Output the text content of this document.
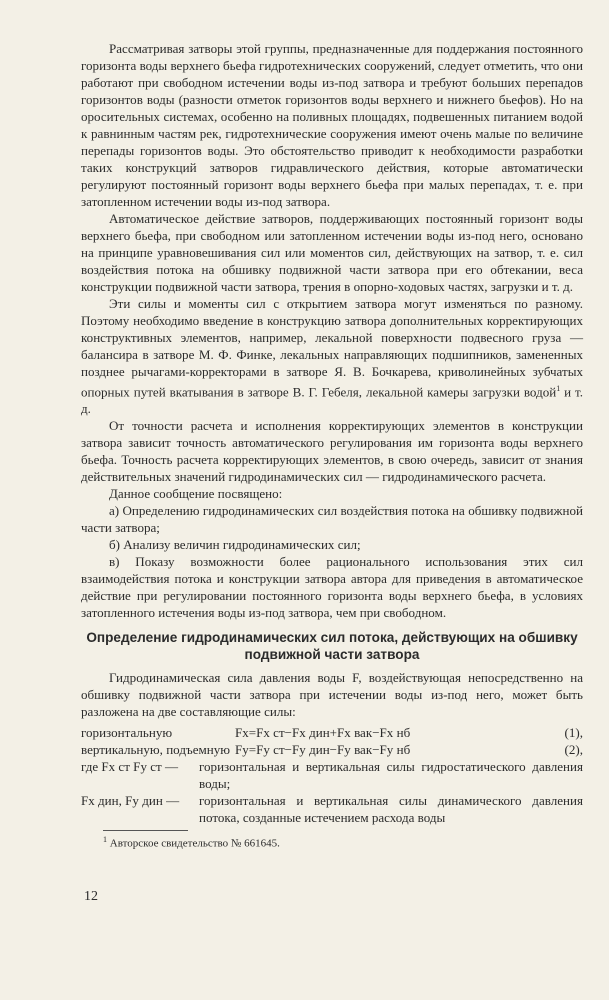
Рассматривая затворы этой группы, предназначенные для поддержания постоянного горизонта воды верхнего бьефа гидротехнических сооружений, следует отметить, что они работают при свободном истечении воды из-под затвора и требуют больших перепадов горизонтов воды (разности отметок горизонтов воды верхнего и нижнего бьефов). Но на оросительных системах, особенно на поливных площадях, подвешенных питанием водой к равнинным частям рек, гидротехнические сооружения имеют очень малые по величине перепады горизонтов воды. Это обстоятельство приводит к необходимости разработки таких конструкций затворов гидравлического действия, которые автоматически регулируют постоянный горизонт воды верхнего бьефа при малых перепадах, т. е. при затопленном истечении воды из-под затвора.

Автоматическое действие затворов, поддерживающих постоянный горизонт воды верхнего бьефа, при свободном или затопленном истечении воды из-под него, основано на принципе уравновешивания сил или моментов сил, действующих на затвор, т. е. сил воздействия потока на обшивку подвижной части затвора при его обтекании, веса конструкции подвижной части затвора, трения в опорно-ходовых частях, загрузки и т. д.

Эти силы и моменты сил с открытием затвора могут изменяться по разному. Поэтому необходимо введение в конструкцию затвора дополнительных корректирующих конструктивных элементов, например, лекальной поверхности подвесного груза — балансира в затворе М. Ф. Финке, лекальных направляющих подшипников, замененных позднее рычагами-корректорами в затворе Я. В. Бочкарева, криволинейных зубчатых опорных путей вкатывания в затворе В. Г. Гебеля, лекальной камеры загрузки водой$^1$ и т. д.

От точности расчета и исполнения корректирующих элементов в конструкции затвора зависит точность автоматического регулирования им горизонта воды верхнего бьефа. Точность расчета корректирующих элементов, в свою очередь, зависит от знания действительных значений гидродинамических сил — гидродинамического расчета.

Данное сообщение посвящено:

а) Определению гидродинамических сил воздействия потока на обшивку подвижной части затвора;

б) Анализу величин гидродинамических сил;

в) Показу возможности более рационального использования этих сил взаимодействия потока и конструкции затвора автора для приведения в автоматическое действие при регулировании постоянного горизонта воды верхнего бьефа, в условиях затопленного истечения воды из-под затвора, чем при свободном.

Определение гидродинамических сил потока, действующих на обшивку подвижной части затвора

Гидродинамическая сила давления воды F, воздействующая непосредственно на обшивку подвижной части затвора при истечении воды из-под него, может быть разложена на две составляющие силы:

горизонтальную	Fx=Fx ст−Fx дин+Fx вак−Fx нб	(1),
вертикальную, подъемную Fy=Fy ст−Fy дин−Fy вак−Fy нб	(2),
где Fx ст Fy ст —	горизонтальная и вертикальная силы гидростатического давления воды;
Fx дин, Fy дин —	горизонтальная и вертикальная силы динамического давления потока, созданные истечением расхода воды
$^1$ Авторское свидетельство № 661645.
12
